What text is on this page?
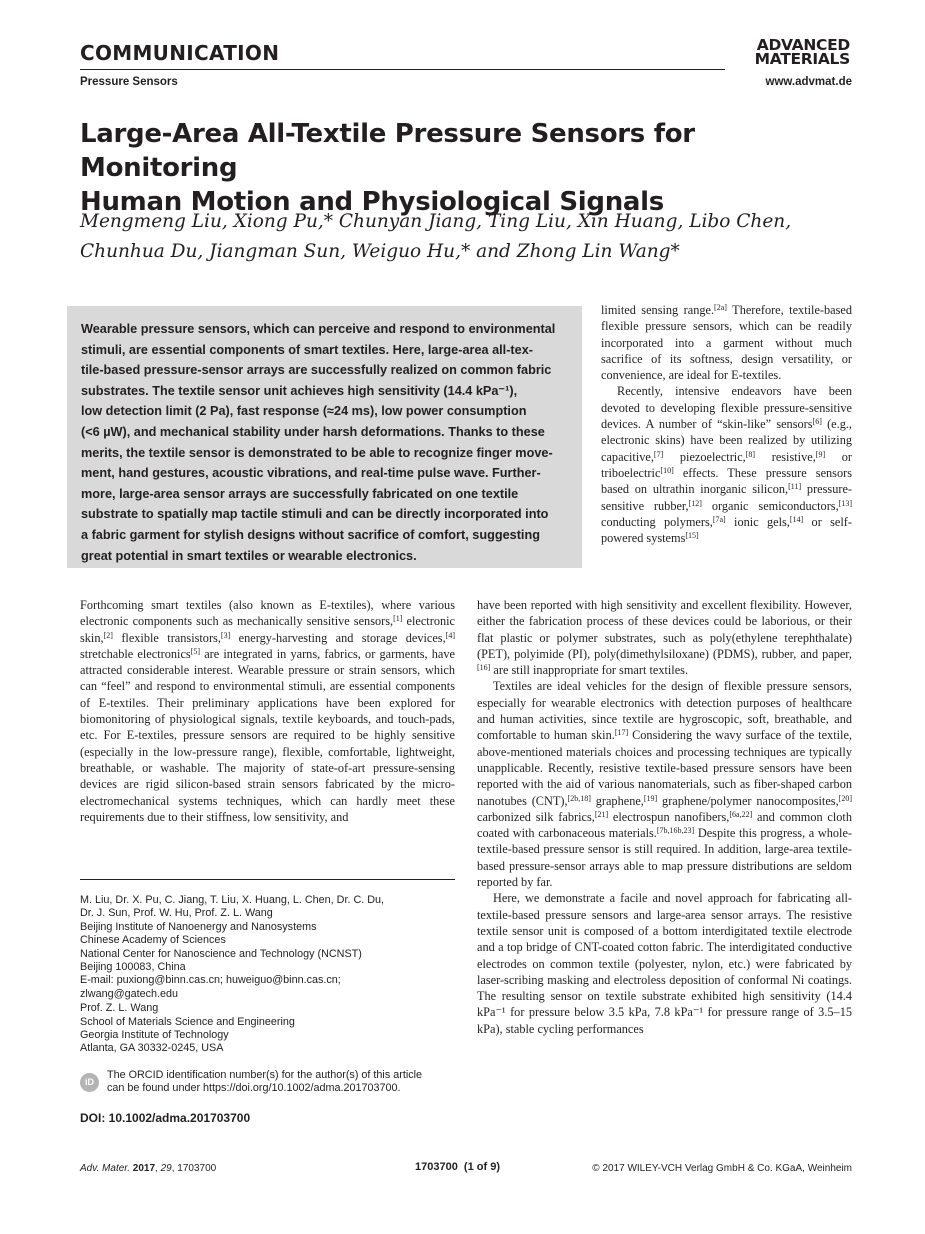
COMMUNICATION
Pressure Sensors
ADVANCED
MATERIALS
www.advmat.de
Large-Area All-Textile Pressure Sensors for Monitoring
Human Motion and Physiological Signals
Mengmeng Liu, Xiong Pu,* Chunyan Jiang, Ting Liu, Xin Huang, Libo Chen,
Chunhua Du, Jiangman Sun, Weiguo Hu,* and Zhong Lin Wang*
Wearable pressure sensors, which can perceive and respond to environmental
stimuli, are essential components of smart textiles. Here, large-area all-tex-
tile-based pressure-sensor arrays are successfully realized on common fabric
substrates. The textile sensor unit achieves high sensitivity (14.4 kPa⁻¹),
low detection limit (2 Pa), fast response (≈24 ms), low power consumption
(<6 µW), and mechanical stability under harsh deformations. Thanks to these
merits, the textile sensor is demonstrated to be able to recognize finger move-
ment, hand gestures, acoustic vibrations, and real-time pulse wave. Further-
more, large-area sensor arrays are successfully fabricated on one textile
substrate to spatially map tactile stimuli and can be directly incorporated into
a fabric garment for stylish designs without sacrifice of comfort, suggesting
great potential in smart textiles or wearable electronics.

limited sensing range.[2a] Therefore, textile-based flexible pressure sensors, which can be readily incorporated into a garment without much sacrifice of its softness, design versatility, or convenience, are ideal for E-textiles.

Recently, intensive endeavors have been devoted to developing flexible pressure-sensitive devices. A number of “skin-like” sensors[6] (e.g., electronic skins) have been realized by utilizing capacitive,[7] piezoelectric,[8] resistive,[9] or triboelectric[10] effects. These pressure sensors based on ultrathin inorganic silicon,[11] pressure-sensitive rubber,[12] organic semiconductors,[13] conducting polymers,[7a] ionic gels,[14] or self-powered systems[15]

Forthcoming smart textiles (also known as E-textiles), where various electronic components such as mechanically sensitive sensors,[1] electronic skin,[2] flexible transistors,[3] energy-harvesting and storage devices,[4] stretchable electronics[5] are integrated in yarns, fabrics, or garments, have attracted considerable interest. Wearable pressure or strain sensors, which can “feel” and respond to environmental stimuli, are essential components of E-textiles. Their preliminary applications have been explored for biomonitoring of physiological signals, textile keyboards, and touch-pads, etc. For E-textiles, pressure sensors are required to be highly sensitive (especially in the low-pressure range), flexible, comfortable, lightweight, breathable, or washable. The majority of state-of-art pressure-sensing devices are rigid silicon-based strain sensors fabricated by the micro-electromechanical systems techniques, which can hardly meet these requirements due to their stiffness, low sensitivity, and

have been reported with high sensitivity and excellent flexibility. However, either the fabrication process of these devices could be laborious, or their flat plastic or polymer substrates, such as poly(ethylene terephthalate) (PET), polyimide (PI), poly(dimethylsiloxane) (PDMS), rubber, and paper,[16] are still inappropriate for smart textiles.

Textiles are ideal vehicles for the design of flexible pressure sensors, especially for wearable electronics with detection purposes of healthcare and human activities, since textile are hygroscopic, soft, breathable, and comfortable to human skin.[17] Considering the wavy surface of the textile, above-mentioned materials choices and processing techniques are typically unapplicable. Recently, resistive textile-based pressure sensors have been reported with the aid of various nanomaterials, such as fiber-shaped carbon nanotubes (CNT),[2b,18] graphene,[19] graphene/polymer nanocomposites,[20] carbonized silk fabrics,[21] electrospun nanofibers,[6a,22] and common cloth coated with carbonaceous materials.[7b,16b,23] Despite this progress, a whole-textile-based pressure sensor is still required. In addition, large-area textile-based pressure-sensor arrays able to map pressure distributions are seldom reported by far.

Here, we demonstrate a facile and novel approach for fabricating all-textile-based pressure sensors and large-area sensor arrays. The resistive textile sensor unit is composed of a bottom interdigitated textile electrode and a top bridge of CNT-coated cotton fabric. The interdigitated conductive electrodes on common textile (polyester, nylon, etc.) were fabricated by laser-scribing masking and electroless deposition of conformal Ni coatings. The resulting sensor on textile substrate exhibited high sensitivity (14.4 kPa⁻¹ for pressure below 3.5 kPa, 7.8 kPa⁻¹ for pressure range of 3.5–15 kPa), stable cycling performances

M. Liu, Dr. X. Pu, C. Jiang, T. Liu, X. Huang, L. Chen, Dr. C. Du,
Dr. J. Sun, Prof. W. Hu, Prof. Z. L. Wang
Beijing Institute of Nanoenergy and Nanosystems
Chinese Academy of Sciences
National Center for Nanoscience and Technology (NCNST)
Beijing 100083, China
E-mail: puxiong@binn.cas.cn; huweiguo@binn.cas.cn;
zlwang@gatech.edu
Prof. Z. L. Wang
School of Materials Science and Engineering
Georgia Institute of Technology
Atlanta, GA 30332-0245, USA
iD
The ORCID identification number(s) for the author(s) of this article
can be found under https://doi.org/10.1002/adma.201703700.
DOI: 10.1002/adma.201703700
Adv. Mater. 2017, 29, 1703700	1703700  (1 of 9)	© 2017 WILEY-VCH Verlag GmbH & Co. KGaA, Weinheim
